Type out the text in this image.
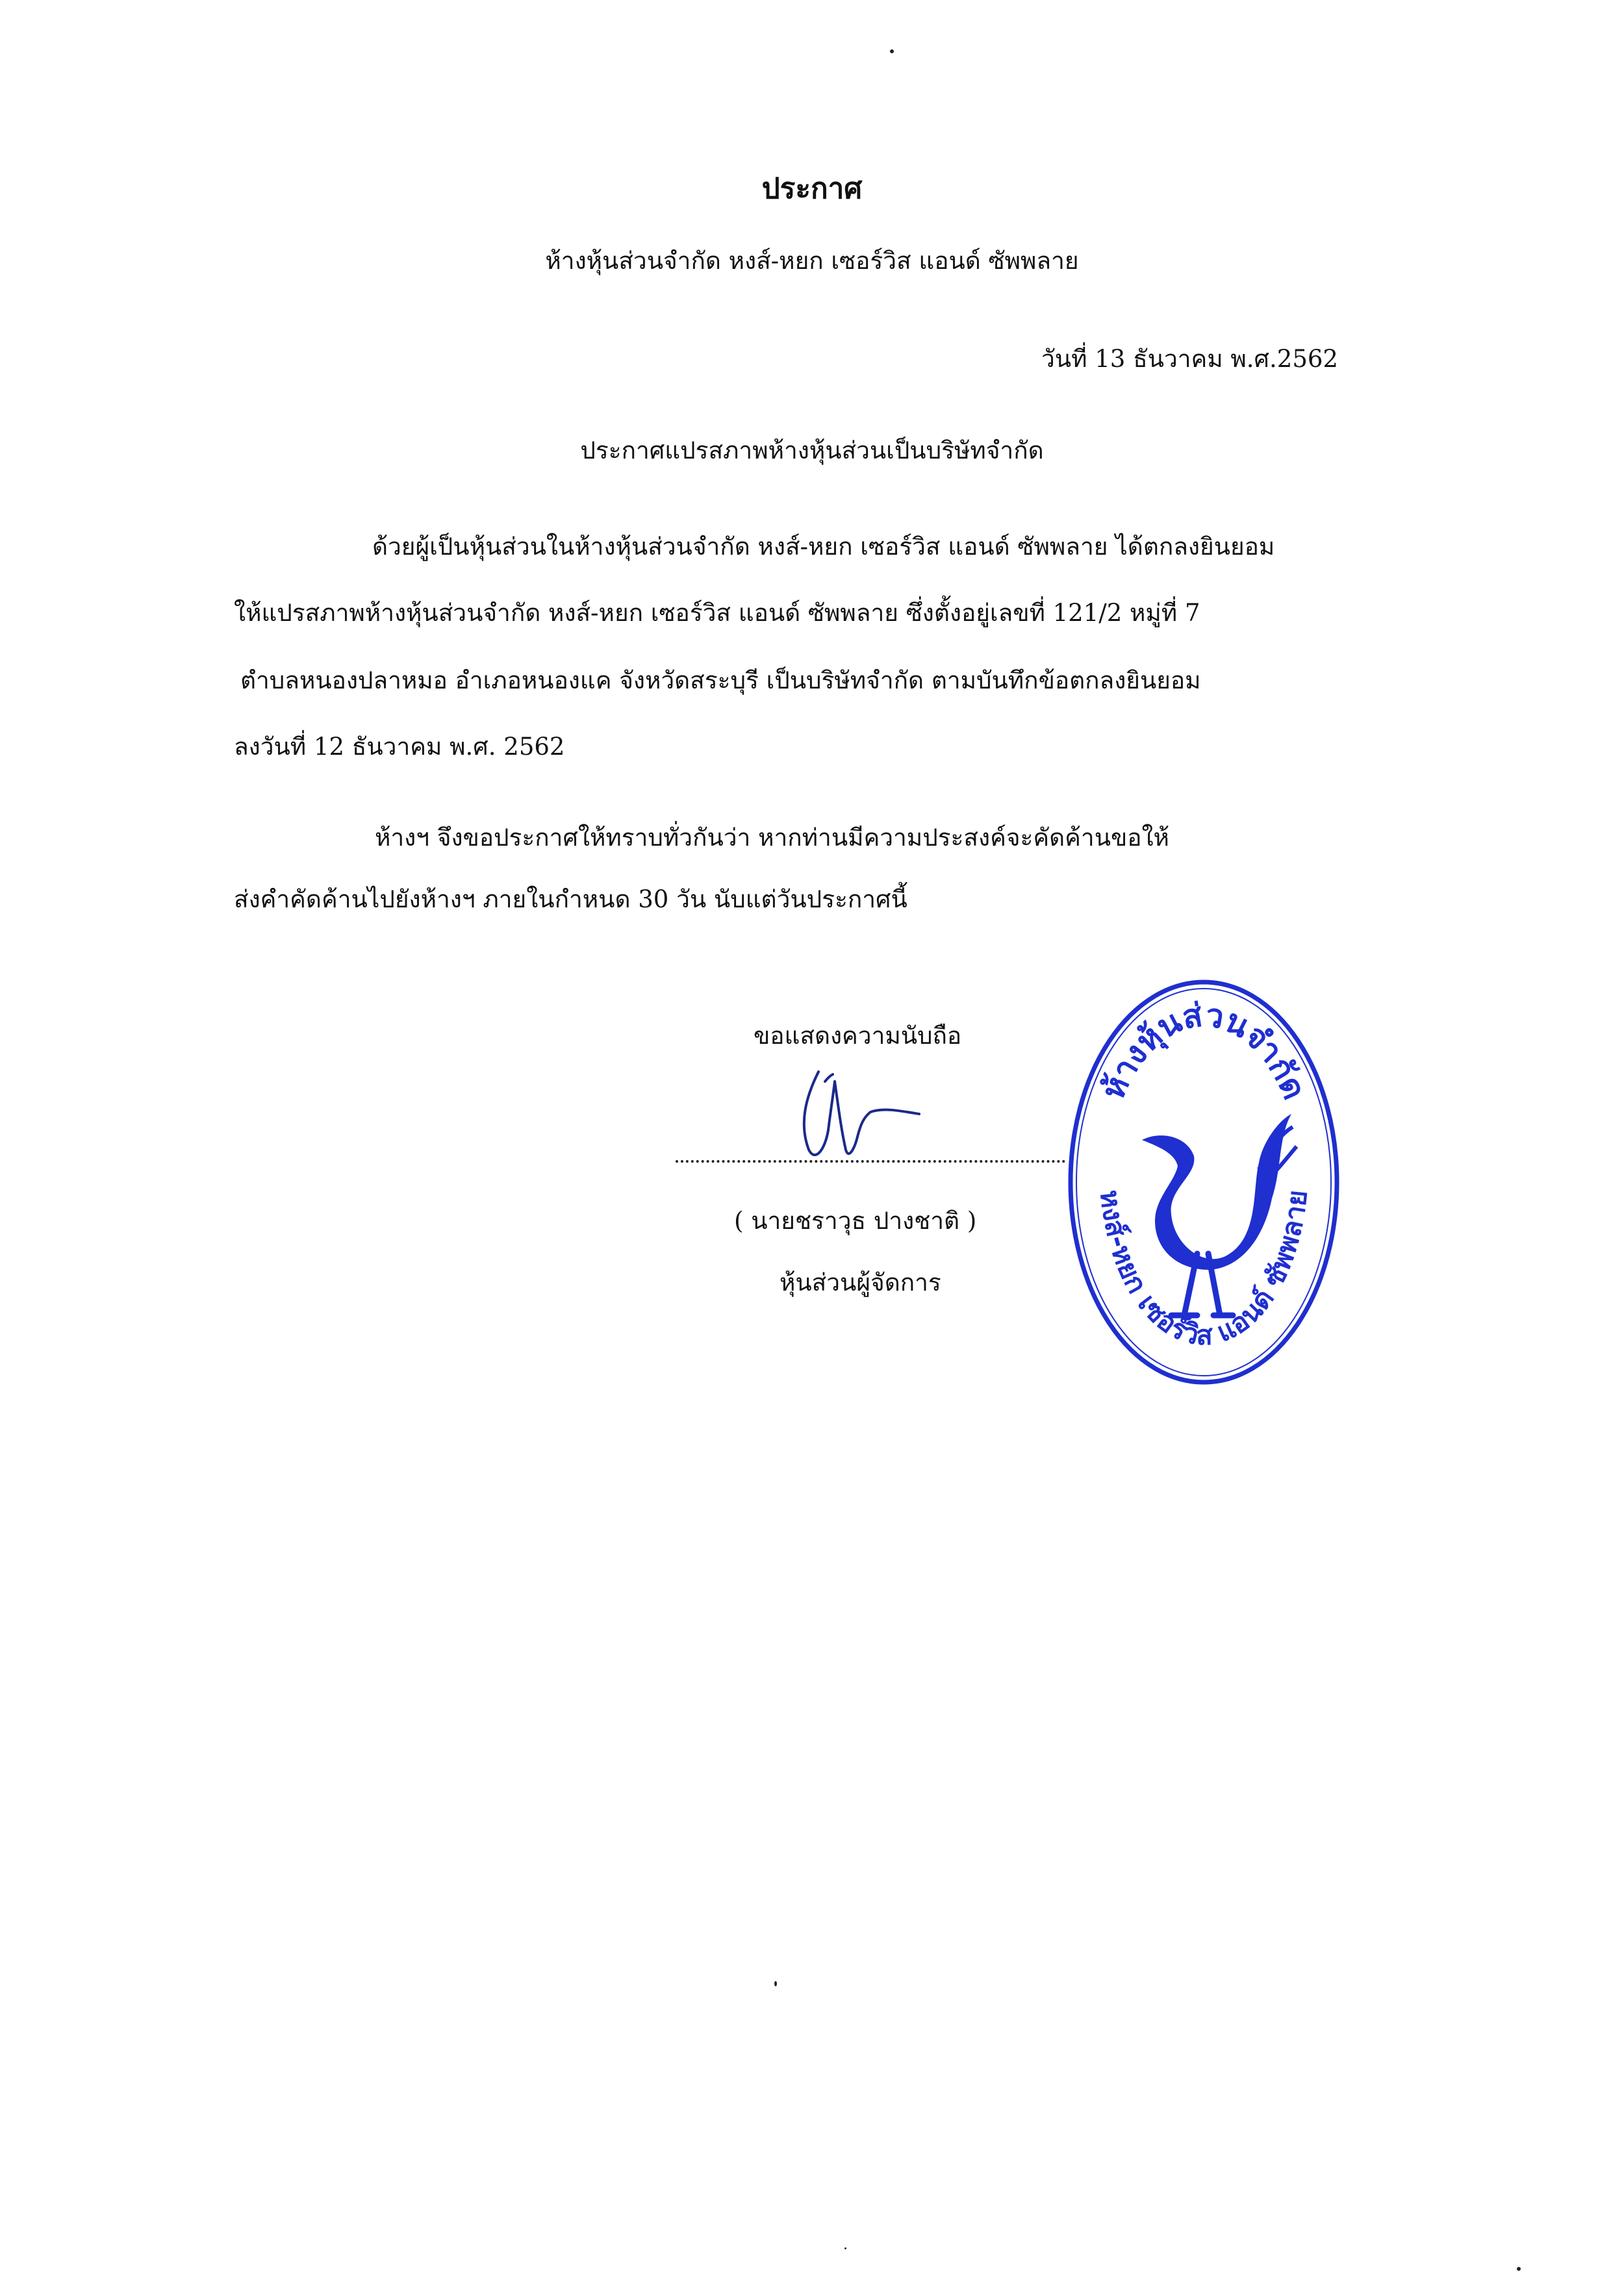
ประกาศ
ห้างหุ้นส่วนจำกัด หงส์-หยก เซอร์วิส แอนด์ ซัพพลาย
วันที่ 13 ธันวาคม พ.ศ.2562
ประกาศแปรสภาพห้างหุ้นส่วนเป็นบริษัทจำกัด
ด้วยผู้เป็นหุ้นส่วนในห้างหุ้นส่วนจำกัด หงส์-หยก เซอร์วิส แอนด์ ซัพพลาย ได้ตกลงยินยอม
ให้แปรสภาพห้างหุ้นส่วนจำกัด หงส์-หยก เซอร์วิส แอนด์ ซัพพลาย ซึ่งตั้งอยู่เลขที่ 121/2 หมู่ที่ 7
ตำบลหนองปลาหมอ อำเภอหนองแค จังหวัดสระบุรี เป็นบริษัทจำกัด ตามบันทึกข้อตกลงยินยอม
ลงวันที่ 12 ธันวาคม พ.ศ. 2562
ห้างฯ จึงขอประกาศให้ทราบทั่วกันว่า หากท่านมีความประสงค์จะคัดค้านขอให้
ส่งคำคัดค้านไปยังห้างฯ ภายในกำหนด 30 วัน นับแต่วันประกาศนี้
ขอแสดงความนับถือ
( นายชราวุธ ปางชาติ )
หุ้นส่วนผู้จัดการ
ห้างหุ้นส่วนจำกัด
หงส์-หยก เซอร์วิส แอนด์ ซัพพลาย
